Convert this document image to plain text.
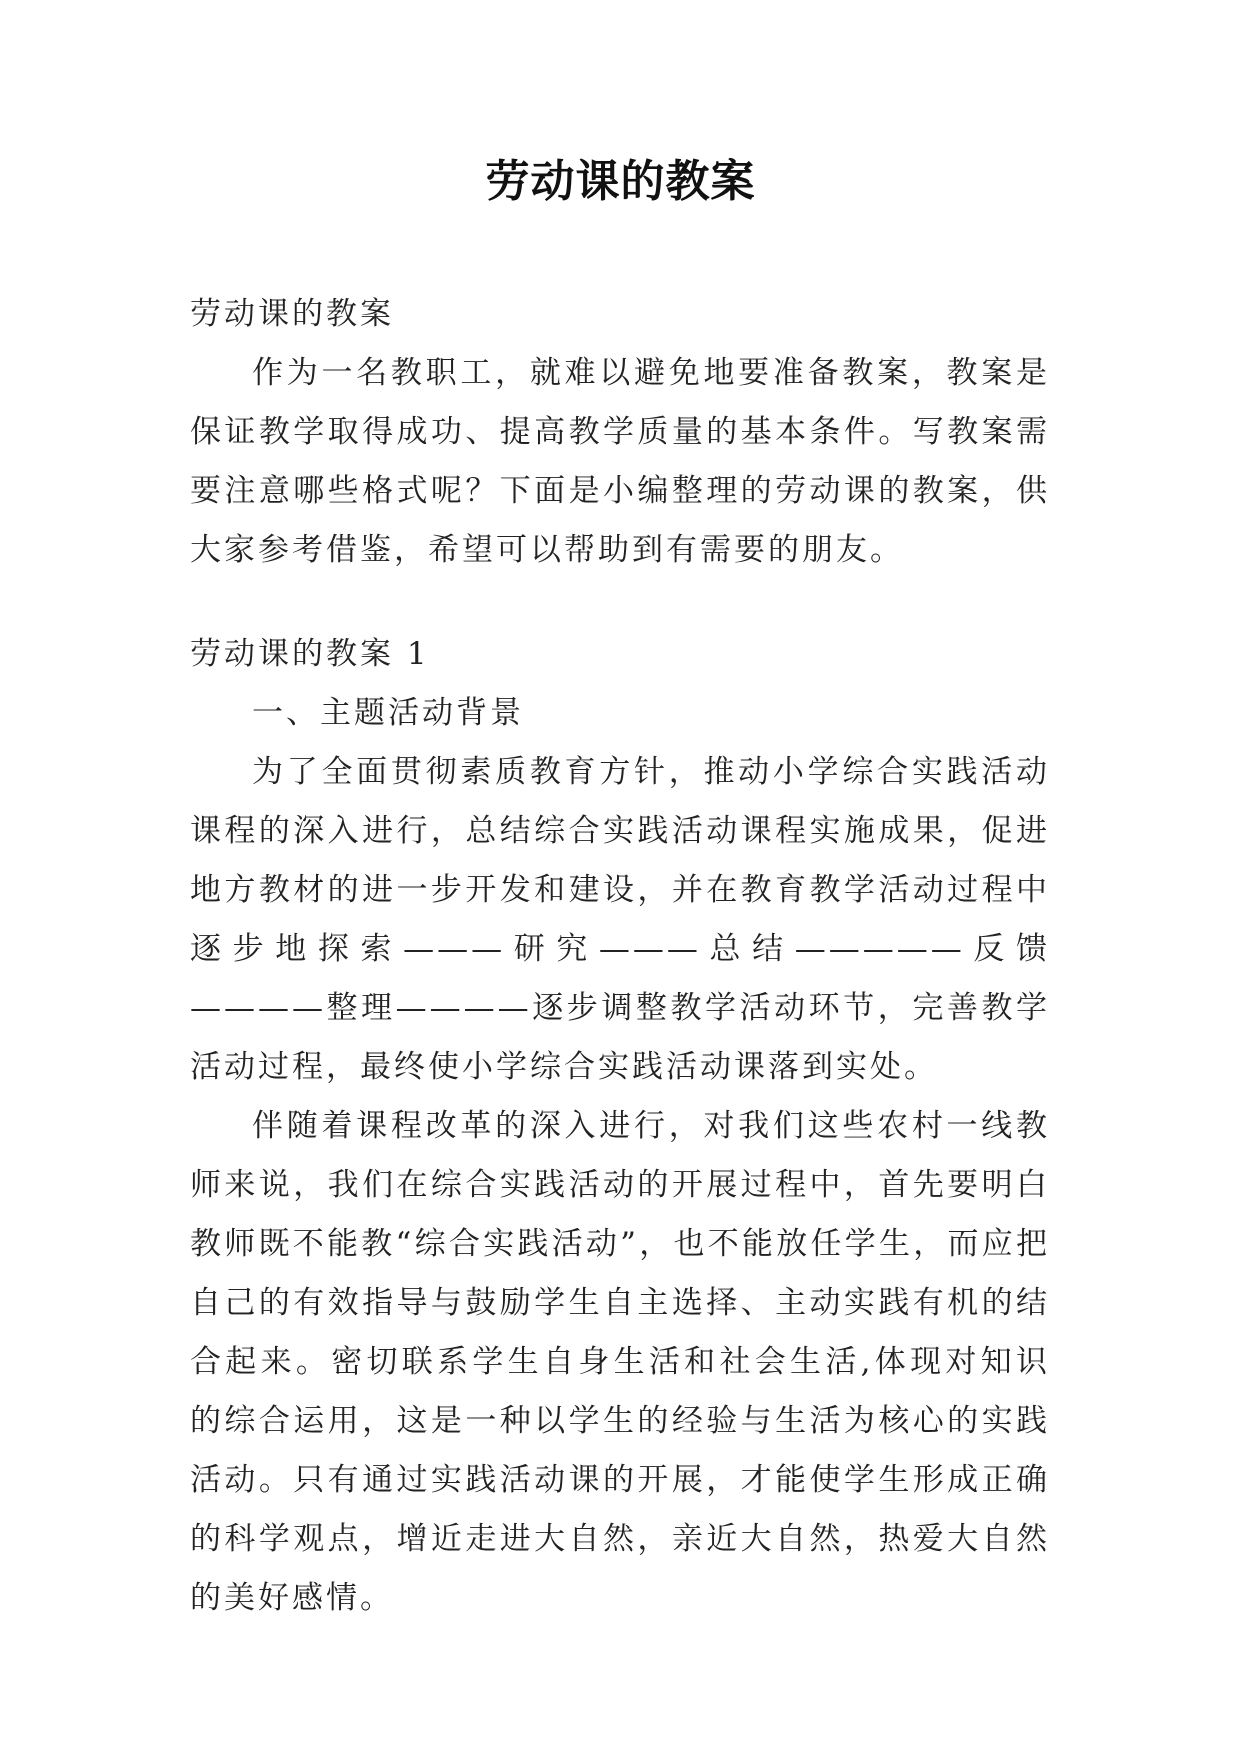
劳动课的教案

劳动课的教案

作为一名教职工，就难以避免地要准备教案，教案是保证教学取得成功、提高教学质量的基本条件。写教案需要注意哪些格式呢？下面是小编整理的劳动课的教案，供大家参考借鉴，希望可以帮助到有需要的朋友。

劳动课的教案 1

一、主题活动背景

为了全面贯彻素质教育方针，推动小学综合实践活动课程的深入进行，总结综合实践活动课程实施成果，促进地方教材的进一步开发和建设，并在教育教学活动过程中逐步地探索———研究———总结—————反馈————整理————逐步调整教学活动环节，完善教学活动过程，最终使小学综合实践活动课落到实处。

伴随着课程改革的深入进行，对我们这些农村一线教师来说，我们在综合实践活动的开展过程中，首先要明白教师既不能教“综合实践活动”，也不能放任学生，而应把自己的有效指导与鼓励学生自主选择、主动实践有机的结合起来。密切联系学生自身生活和社会生活,体现对知识的综合运用，这是一种以学生的经验与生活为核心的实践活动。只有通过实践活动课的开展，才能使学生形成正确的科学观点，增近走进大自然，亲近大自然，热爱大自然的美好感情。
